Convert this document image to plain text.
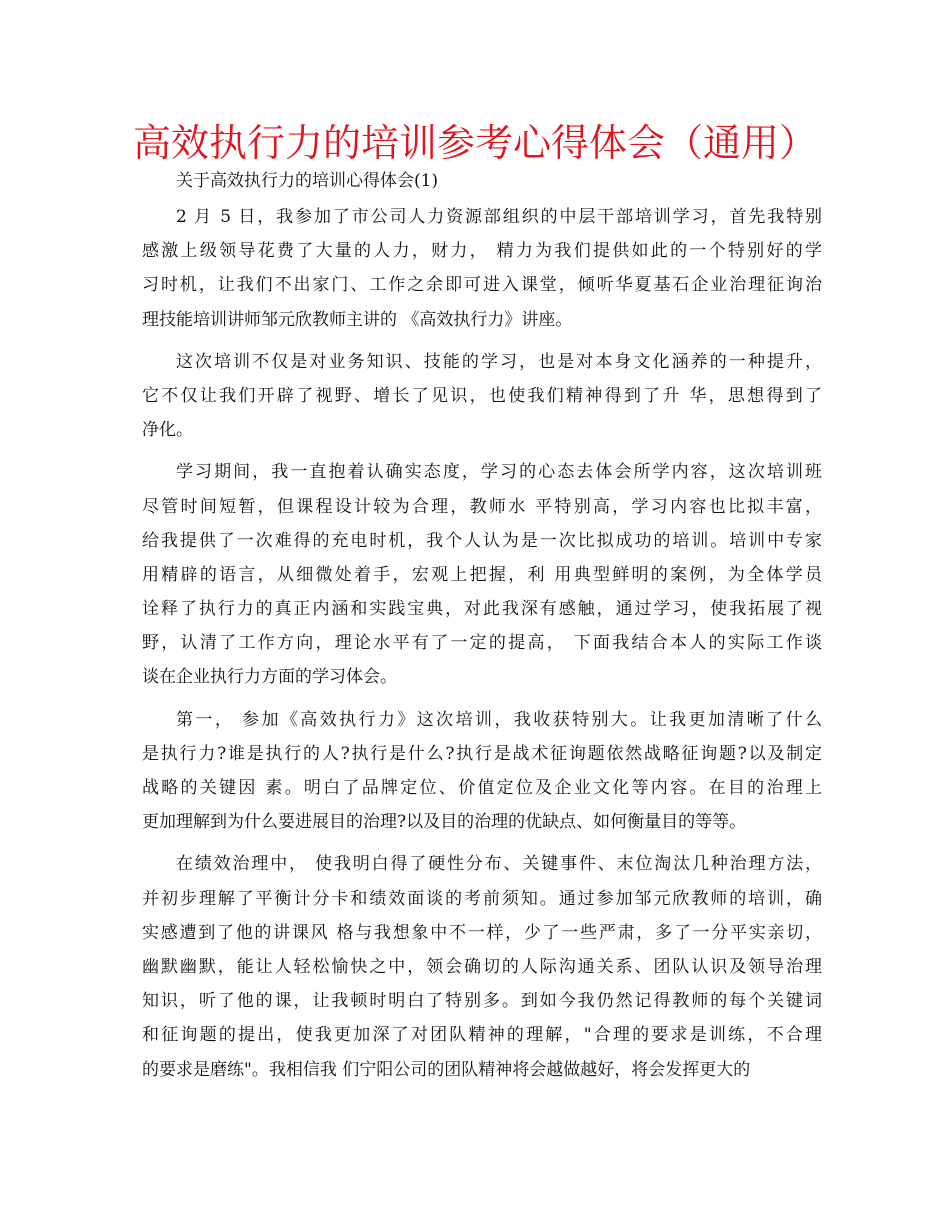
高效执行力的培训参考心得体会（通用）

关于高效执行力的培训心得体会(1)

2 月 5 日，我参加了市公司人力资源部组织的中层干部培训学习，首先我特别
感激上级领导花费了大量的人力，财力， 精力为我们提供如此的一个特别好的学
习时机，让我们不出家门、工作之余即可进入课堂，倾听华夏基石企业治理征询治
理技能培训讲师邹元欣教师主讲的 《高效执行力》讲座。

这次培训不仅是对业务知识、技能的学习，也是对本身文化涵养的一种提升，
它不仅让我们开辟了视野、增长了见识，也使我们精神得到了升 华，思想得到了
净化。

学习期间，我一直抱着认确实态度，学习的心态去体会所学内容，这次培训班
尽管时间短暂，但课程设计较为合理，教师水 平特别高，学习内容也比拟丰富，
给我提供了一次难得的充电时机，我个人认为是一次比拟成功的培训。培训中专家
用精辟的语言，从细微处着手，宏观上把握，利 用典型鲜明的案例，为全体学员
诠释了执行力的真正内涵和实践宝典，对此我深有感触，通过学习，使我拓展了视
野，认清了工作方向，理论水平有了一定的提高， 下面我结合本人的实际工作谈
谈在企业执行力方面的学习体会。

第一， 参加《高效执行力》这次培训，我收获特别大。让我更加清晰了什么
是执行力?谁是执行的人?执行是什么?执行是战术征询题依然战略征询题?以及制定
战略的关键因 素。明白了品牌定位、价值定位及企业文化等内容。在目的治理上
更加理解到为什么要进展目的治理?以及目的治理的优缺点、如何衡量目的等等。

在绩效治理中， 使我明白得了硬性分布、关键事件、末位淘汰几种治理方法，
并初步理解了平衡计分卡和绩效面谈的考前须知。通过参加邹元欣教师的培训，确
实感遭到了他的讲课风 格与我想象中不一样，少了一些严肃，多了一分平实亲切，
幽默幽默，能让人轻松愉快之中，领会确切的人际沟通关系、团队认识及领导治理
知识，听了他的课，让我顿时明白了特别多。到如今我仍然记得教师的每个关键词
和征询题的提出，使我更加深了对团队精神的理解，"合理的要求是训练，不合理
的要求是磨练"。我相信我 们宁阳公司的团队精神将会越做越好，将会发挥更大的
